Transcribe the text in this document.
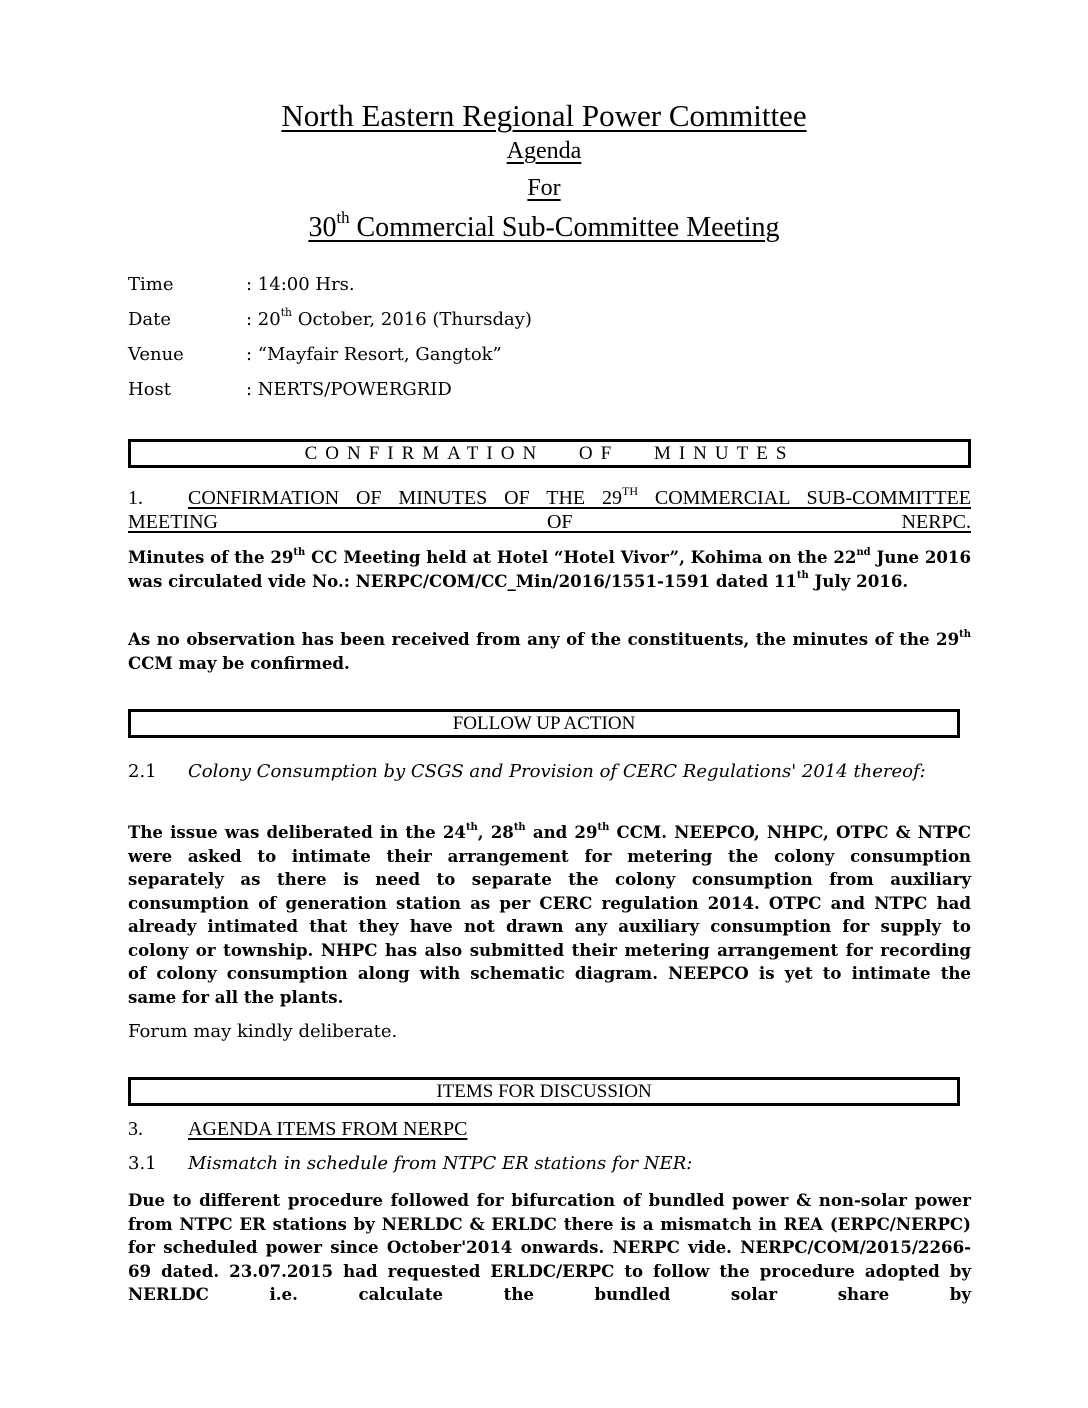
North Eastern Regional Power Committee
Agenda
For
30th Commercial Sub-Committee Meeting
Time	: 14:00 Hrs.
Date	: 20th October, 2016 (Thursday)
Venue	: “Mayfair Resort, Gangtok”
Host	: NERTS/POWERGRID
CONFIRMATION OF MINUTES
1. CONFIRMATION OF MINUTES OF THE 29TH COMMERCIAL SUB-COMMITTEE MEETING OF NERPC.
Minutes of the 29th CC Meeting held at Hotel “Hotel Vivor”, Kohima on the 22nd June 2016 was circulated vide No.: NERPC/COM/CC_Min/2016/1551-1591 dated 11th July 2016.
As no observation has been received from any of the constituents, the minutes of the 29th CCM may be confirmed.
FOLLOW UP ACTION
2.1 Colony Consumption by CSGS and Provision of CERC Regulations' 2014 thereof:
The issue was deliberated in the 24th, 28th and 29th CCM. NEEPCO, NHPC, OTPC & NTPC were asked to intimate their arrangement for metering the colony consumption separately as there is need to separate the colony consumption from auxiliary consumption of generation station as per CERC regulation 2014. OTPC and NTPC had already intimated that they have not drawn any auxiliary consumption for supply to colony or township. NHPC has also submitted their metering arrangement for recording of colony consumption along with schematic diagram. NEEPCO is yet to intimate the same for all the plants.
Forum may kindly deliberate.
ITEMS FOR DISCUSSION
3. AGENDA ITEMS FROM NERPC
3.1 Mismatch in schedule from NTPC ER stations for NER:
Due to different procedure followed for bifurcation of bundled power & non-solar power from NTPC ER stations by NERLDC & ERLDC there is a mismatch in REA (ERPC/NERPC) for scheduled power since October'2014 onwards. NERPC vide. NERPC/COM/2015/2266-69 dated. 23.07.2015 had requested ERLDC/ERPC to follow the procedure adopted by NERLDC i.e. calculate the bundled solar share by
